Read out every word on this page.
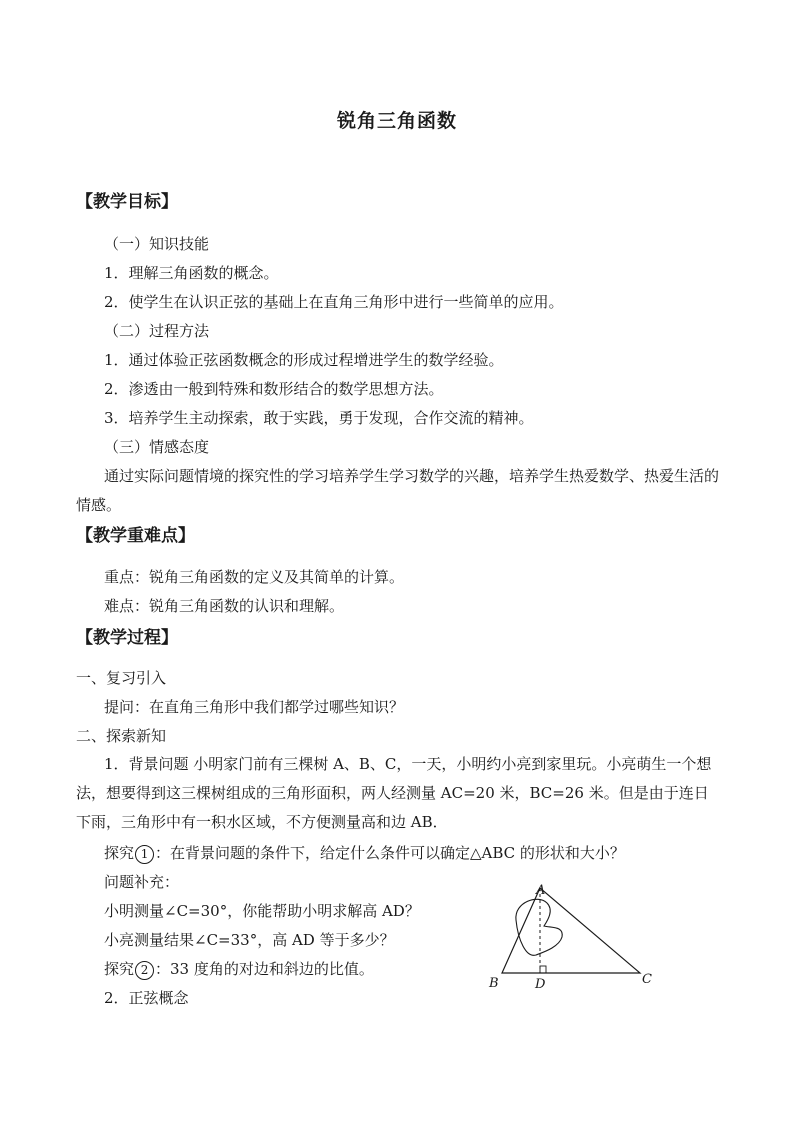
锐角三角函数
【教学目标】
（一）知识技能
1．理解三角函数的概念。
2．使学生在认识正弦的基础上在直角三角形中进行一些简单的应用。
（二）过程方法
1．通过体验正弦函数概念的形成过程增进学生的数学经验。
2．渗透由一般到特殊和数形结合的数学思想方法。
3．培养学生主动探索，敢于实践，勇于发现，合作交流的精神。
（三）情感态度
通过实际问题情境的探究性的学习培养学生学习数学的兴趣，培养学生热爱数学、热爱生活的情感。
【教学重难点】
重点：锐角三角函数的定义及其简单的计算。
难点：锐角三角函数的认识和理解。
【教学过程】
一、复习引入
提问：在直角三角形中我们都学过哪些知识？
二、探索新知
1．背景问题 小明家门前有三棵树 A、B、C，一天，小明约小亮到家里玩。小亮萌生一个想法，想要得到这三棵树组成的三角形面积，两人经测量 AC=20 米，BC=26 米。但是由于连日下雨，三角形中有一积水区域，不方便测量高和边 AB．
探究 1 ：在背景问题的条件下，给定什么条件可以确定△ABC 的形状和大小？
问题补充：
小明测量∠C=30°，你能帮助小明求解高 AD？
小亮测量结果∠C=33°，高 AD 等于多少？
探究 2 ：33 度角的对边和斜边的比值。
2．正弦概念
A
B	C
D
